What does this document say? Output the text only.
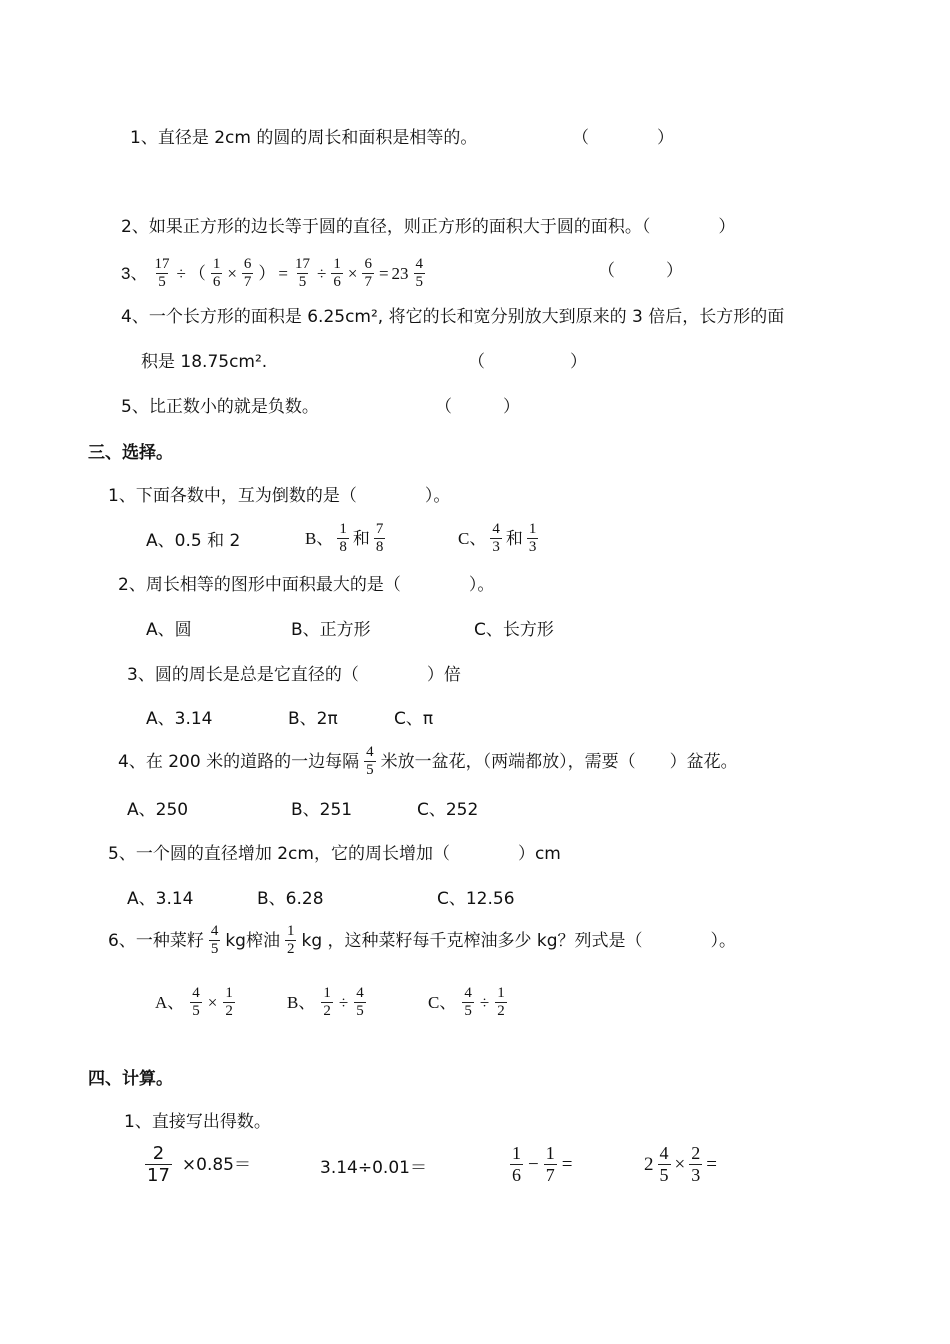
1、直径是 2cm 的圆的周长和面积是相等的。	（　　　　）
2、如果正方形的边长等于圆的直径，则正方形的面积大于圆的面积。（　　　　）
3、 $\frac{17}{5}$ ÷ （ $\frac{1}{6} \times \frac{6}{7}$ ） = $\frac{17}{5} \div \frac{1}{6} \times \frac{6}{7} = 23 \frac{4}{5}$	（　　　）
4、一个长方形的面积是 6.25cm², 将它的长和宽分别放大到原来的 3 倍后，长方形的面
积是 18.75cm².	（　　　　　）
5、比正数小的就是负数。	（　　　）
三、选择。
1、下面各数中，互为倒数的是（　　　　）。
A、0.5 和 2	B、 $\frac{1}{8}$ 和 $\frac{7}{8}$	C、 $\frac{4}{3}$ 和 $\frac{1}{3}$
2、周长相等的图形中面积最大的是（　　　　）。
A、圆	B、正方形	C、长方形
3、圆的周长是总是它直径的（　　　　）倍
A、3.14	B、2π	C、π
4、在 200 米的道路的一边每隔 $\frac{4}{5}$ 米放一盆花，（两端都放），需要（　　）盆花。
A、250	B、251	C、252
5、一个圆的直径增加 2cm，它的周长增加（　　　　）cm
A、3.14	B、6.28	C、12.56
6、一种菜籽 $\frac{4}{5}$ kg榨油 $\frac{1}{2}$ kg ，这种菜籽每千克榨油多少 kg？列式是（　　　　）。
A、 $\frac{4}{5} \times \frac{1}{2}$	B、 $\frac{1}{2} \div \frac{4}{5}$	C、 $\frac{4}{5} \div \frac{1}{2}$
四、计算。
1、直接写出得数。
$\frac{2}{17} \times 0.85=$	3.14÷0.01＝	$\frac{1}{6} - \frac{1}{7}$ =	$2 \frac{4}{5} \times \frac{2}{3}$ =
